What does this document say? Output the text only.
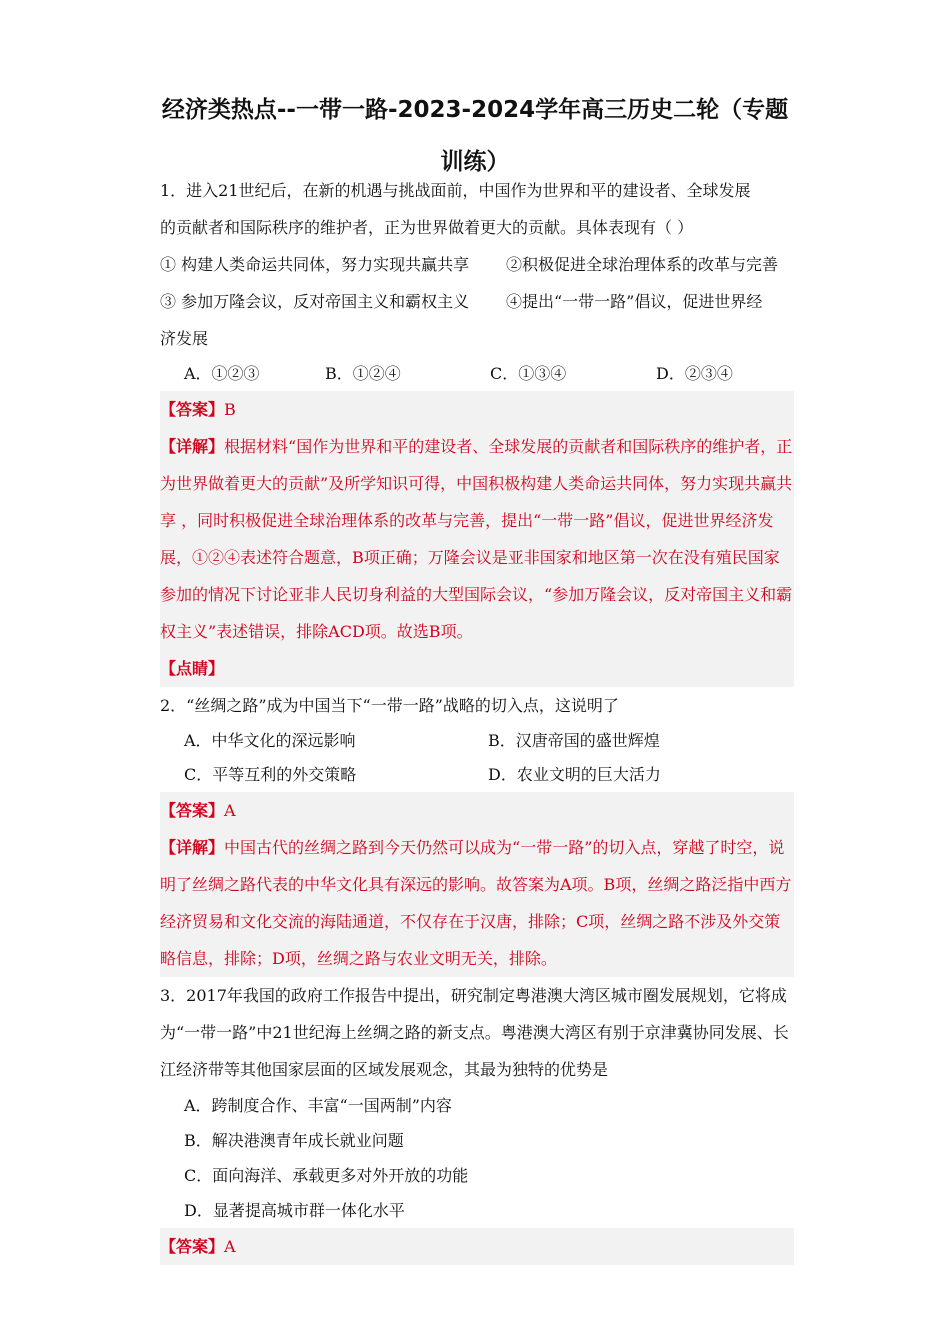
经济类热点--一带一路-2023-2024学年高三历史二轮（专题
训练）
1．进入21世纪后，在新的机遇与挑战面前，中国作为世界和平的建设者、全球发展
的贡献者和国际秩序的维护者，正为世界做着更大的贡献。具体表现有（ ）
① 构建人类命运共同体，努力实现共赢共享	②积极促进全球治理体系的改革与完善
③ 参加万隆会议，反对帝国主义和霸权主义	④提出“一带一路”倡议，促进世界经
济发展
A．①②③	B．①②④	C．①③④	D．②③④
【答案】B
【详解】根据材料“国作为世界和平的建设者、全球发展的贡献者和国际秩序的维护者，正为世界做着更大的贡献”及所学知识可得，中国积极构建人类命运共同体，努力实现共赢共享 ，同时积极促进全球治理体系的改革与完善，提出“一带一路”倡议，促进世界经济发展，①②④表述符合题意，B项正确；万隆会议是亚非国家和地区第一次在没有殖民国家参加的情况下讨论亚非人民切身利益的大型国际会议，“参加万隆会议，反对帝国主义和霸权主义”表述错误，排除ACD项。故选B项。
【点睛】
2．“丝绸之路”成为中国当下“一带一路”战略的切入点，这说明了
A．中华文化的深远影响	B．汉唐帝国的盛世辉煌
C．平等互利的外交策略	D．农业文明的巨大活力
【答案】A
【详解】中国古代的丝绸之路到今天仍然可以成为“一带一路”的切入点，穿越了时空，说明了丝绸之路代表的中华文化具有深远的影响。故答案为A项。B项，丝绸之路泛指中西方经济贸易和文化交流的海陆通道，不仅存在于汉唐，排除；C项，丝绸之路不涉及外交策略信息，排除；D项，丝绸之路与农业文明无关，排除。
3．2017年我国的政府工作报告中提出，研究制定粤港澳大湾区城市圈发展规划，它将成为“一带一路”中21世纪海上丝绸之路的新支点。粤港澳大湾区有别于京津冀协同发展、长江经济带等其他国家层面的区域发展观念，其最为独特的优势是
A．跨制度合作、丰富“一国两制”内容
B．解决港澳青年成长就业问题
C．面向海洋、承载更多对外开放的功能
D．显著提高城市群一体化水平
【答案】A
